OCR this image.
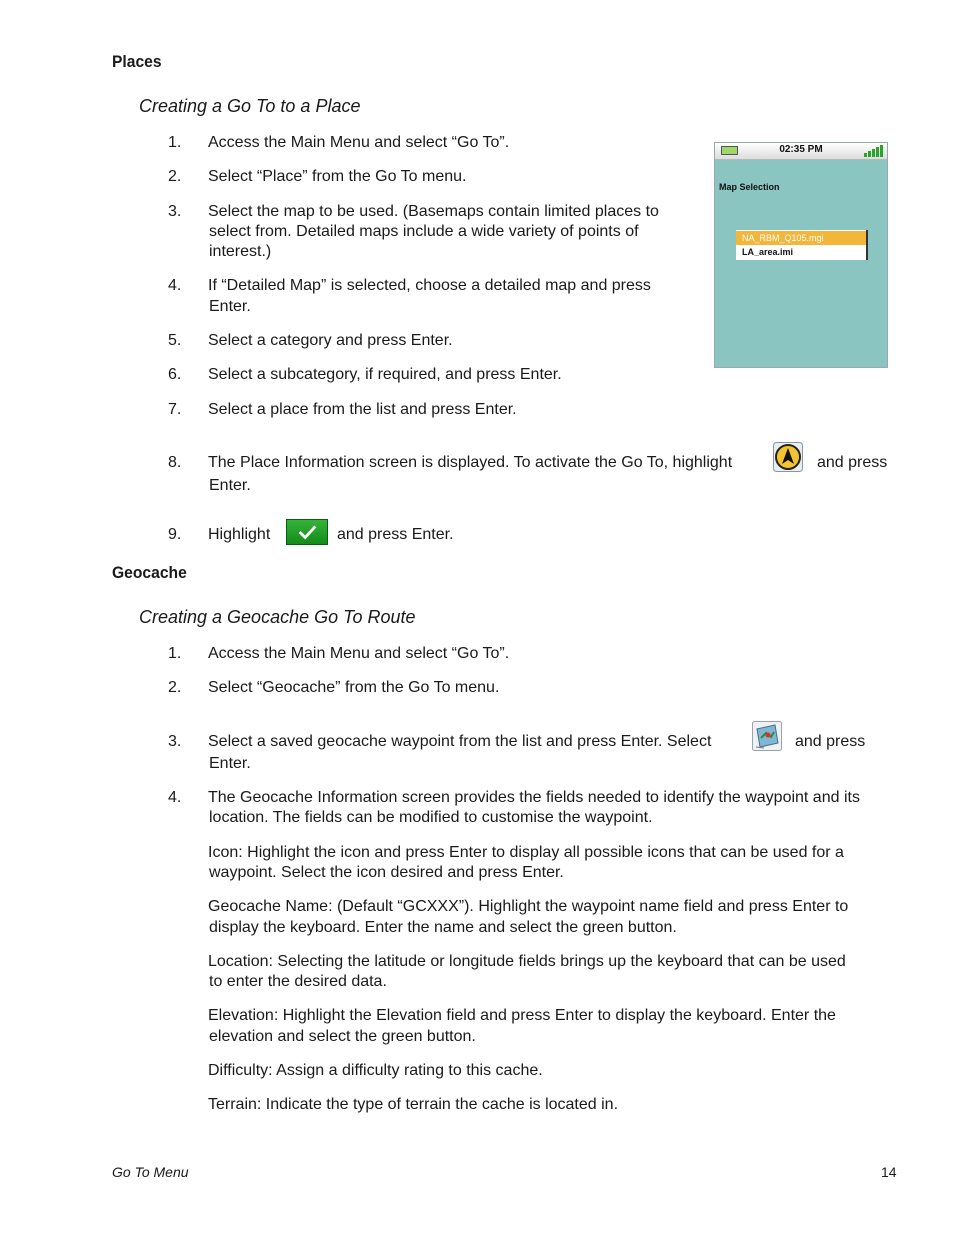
Places
Creating a Go To to a Place
1.	Access the Main Menu and select “Go To”.
2.	Select “Place” from the Go To menu.
3.	Select the map to be used. (Basemaps contain limited places to
select from. Detailed maps include a wide variety of points of
interest.)
4.	If “Detailed Map” is selected, choose a detailed map and press
Enter.
5.	Select a category and press Enter.
6.	Select a subcategory, if required, and press Enter.
7.	Select a place from the list and press Enter.
8.	The Place Information screen is displayed. To activate the Go To, highlight	and press
Enter.
9.	Highlight	and press Enter.
02:35 PM
Map Selection
NA_RBM_Q105.mgi
LA_area.imi
Geocache
Creating a Geocache Go To Route
1.	Access the Main Menu and select “Go To”.
2.	Select “Geocache” from the Go To menu.
3.	Select a saved geocache waypoint from the list and press Enter. Select	and press
Enter.
4.	The Geocache Information screen provides the fields needed to identify the waypoint and its
location. The fields can be modified to customise the waypoint.
Icon: Highlight the icon and press Enter to display all possible icons that can be used for a
waypoint. Select the icon desired and press Enter.
Geocache Name: (Default “GCXXX”). Highlight the waypoint name field and press Enter to
display the keyboard. Enter the name and select the green button.
Location: Selecting the latitude or longitude fields brings up the keyboard that can be used
to enter the desired data.
Elevation: Highlight the Elevation field and press Enter to display the keyboard. Enter the
elevation and select the green button.
Difficulty: Assign a difficulty rating to this cache.
Terrain: Indicate the type of terrain the cache is located in.
Go To Menu	14
